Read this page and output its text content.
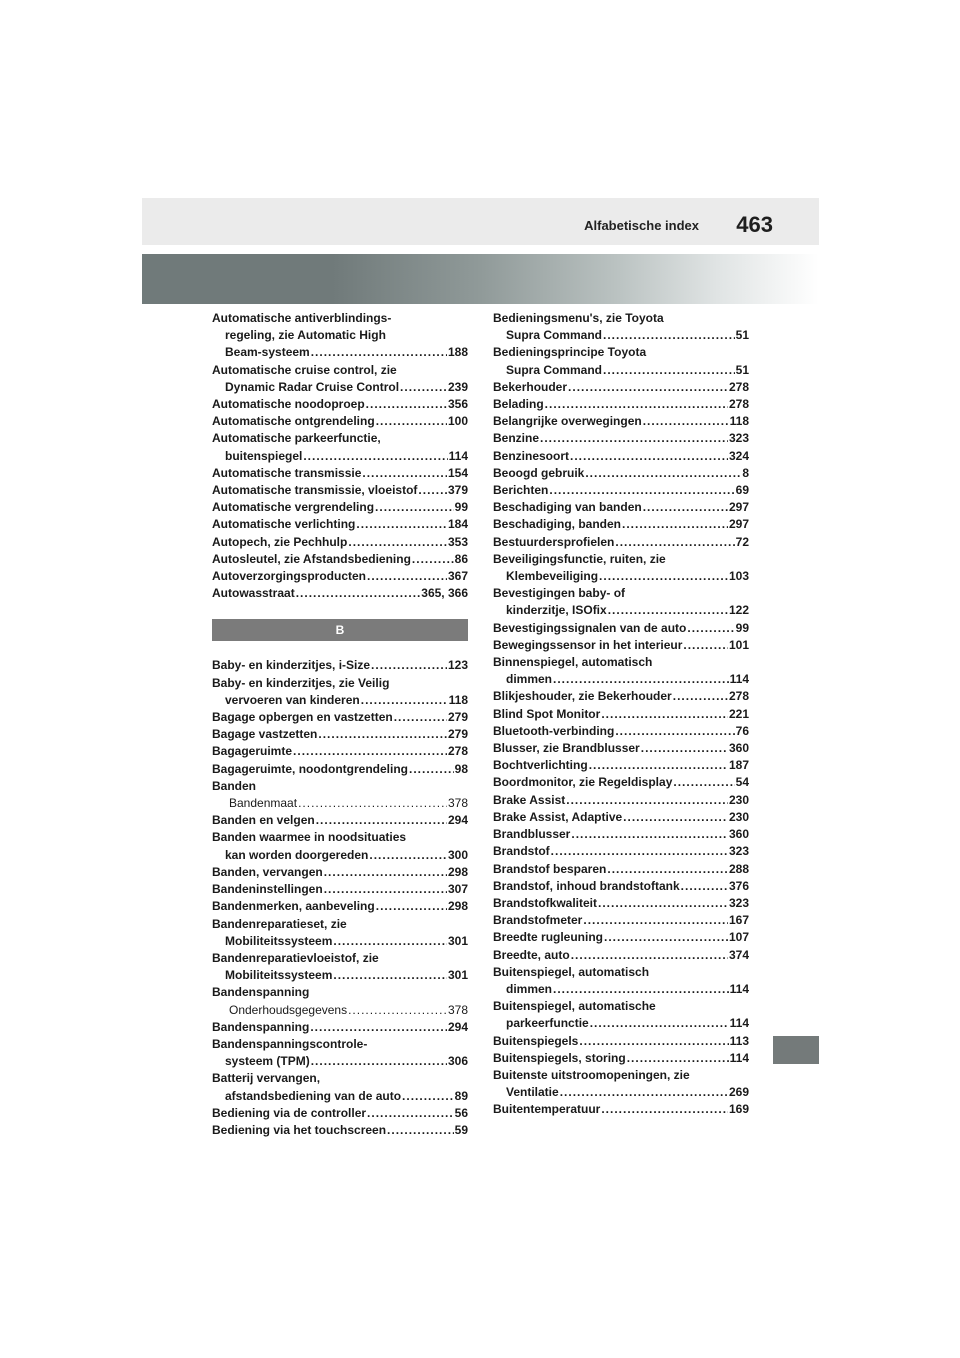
Alfabetische index 463
Automatische antiverblindings-
regeling, zie Automatic High
Beam-systeem .....	188
Automatische cruise control, zie
Dynamic Radar Cruise Control .....	239
Automatische noodoproep .....	356
Automatische ontgrendeling .....	100
Automatische parkeerfunctie,
buitenspiegel .....	114
Automatische transmissie .....	154
Automatische transmissie, vloeistof .....	379
Automatische vergrendeling .....	99
Automatische verlichting .....	184
Autopech, zie Pechhulp .....	353
Autosleutel, zie Afstandsbediening .....	86
Autoverzorgingsproducten .....	367
Autowasstraat .....	365, 366
B
Baby- en kinderzitjes, i-Size .....	123
Baby- en kinderzitjes, zie Veilig
vervoeren van kinderen .....	118
Bagage opbergen en vastzetten .....	279
Bagage vastzetten .....	279
Bagageruimte .....	278
Bagageruimte, noodontgrendeling .....	98
Banden
Bandenmaat .....	378
Banden en velgen .....	294
Banden waarmee in noodsituaties
kan worden doorgereden .....	300
Banden, vervangen .....	298
Bandeninstellingen .....	307
Bandenmerken, aanbeveling .....	298
Bandenreparatieset, zie
Mobiliteitssysteem .....	301
Bandenreparatievloeistof, zie
Mobiliteitssysteem .....	301
Bandenspanning
Onderhoudsgegevens .....	378
Bandenspanning .....	294
Bandenspanningscontrole-
systeem (TPM) .....	306
Batterij vervangen,
afstandsbediening van de auto .....	89
Bediening via de controller .....	56
Bediening via het touchscreen .....	59
Bedieningsmenu's, zie Toyota
Supra Command .....	51
Bedieningsprincipe Toyota
Supra Command .....	51
Bekerhouder .....	278
Belading .....	278
Belangrijke overwegingen .....	118
Benzine .....	323
Benzinesoort .....	324
Beoogd gebruik .....	8
Berichten .....	69
Beschadiging van banden .....	297
Beschadiging, banden .....	297
Bestuurdersprofielen .....	72
Beveiligingsfunctie, ruiten, zie
Klembeveiliging .....	103
Bevestigingen baby- of
kinderzitje, ISOfix .....	122
Bevestigingssignalen van de auto .....	99
Bewegingssensor in het interieur .....	101
Binnenspiegel, automatisch
dimmen .....	114
Blikjeshouder, zie Bekerhouder .....	278
Blind Spot Monitor .....	221
Bluetooth-verbinding .....	76
Blusser, zie Brandblusser .....	360
Bochtverlichting .....	187
Boordmonitor, zie Regeldisplay .....	54
Brake Assist .....	230
Brake Assist, Adaptive .....	230
Brandblusser .....	360
Brandstof .....	323
Brandstof besparen .....	288
Brandstof, inhoud brandstoftank .....	376
Brandstofkwaliteit .....	323
Brandstofmeter .....	167
Breedte rugleuning .....	107
Breedte, auto .....	374
Buitenspiegel, automatisch
dimmen .....	114
Buitenspiegel, automatische
parkeerfunctie .....	114
Buitenspiegels .....	113
Buitenspiegels, storing .....	114
Buitenste uitstroomopeningen, zie
Ventilatie .....	269
Buitentemperatuur .....	169
